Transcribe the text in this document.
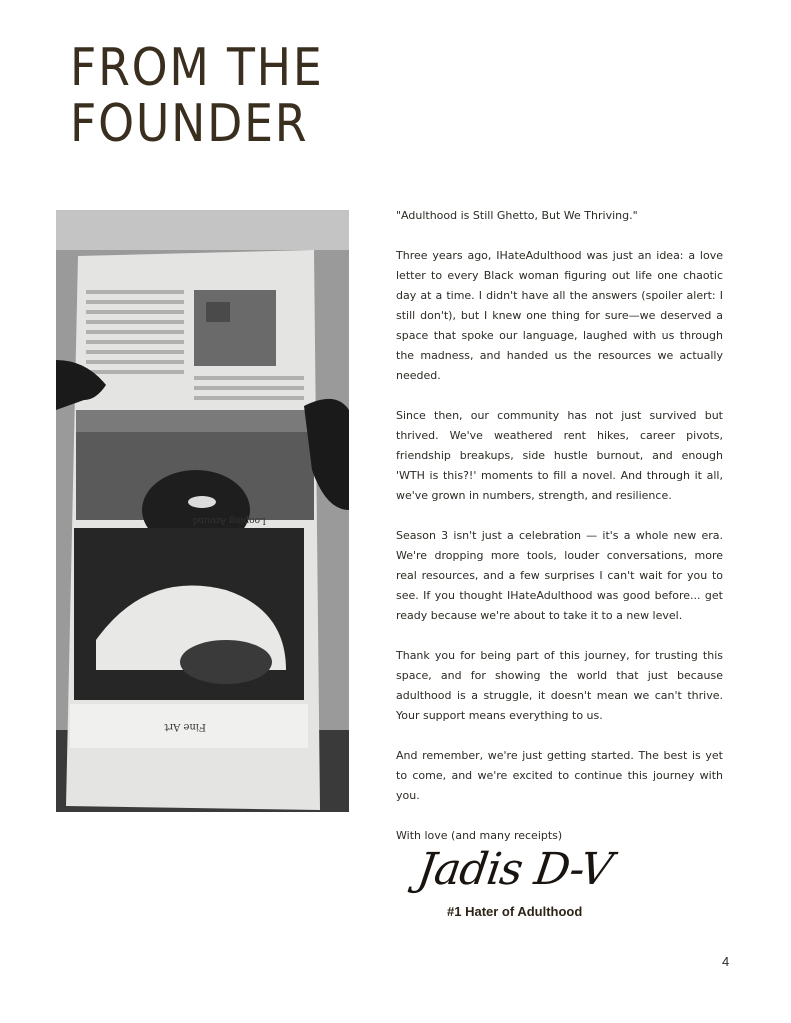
FROM THE
FOUNDER
Fine Art
Looping Around

"Adulthood is Still Ghetto, But We Thriving."

Three years ago, IHateAdulthood was just an idea: a love letter to every Black woman figuring out life one chaotic day at a time. I didn't have all the answers (spoiler alert: I still don't), but I knew one thing for sure—we deserved a space that spoke our language, laughed with us through the madness, and handed us the resources we actually needed.

Since then, our community has not just survived but thrived. We've weathered rent hikes, career pivots, friendship breakups, side hustle burnout, and enough 'WTH is this?!' moments to fill a novel. And through it all, we've grown in numbers, strength, and resilience.

Season 3 isn't just a celebration — it's a whole new era. We're dropping more tools, louder conversations, more real resources, and a few surprises I can't wait for you to see. If you thought IHateAdulthood was good before... get ready because we're about to take it to a new level.

Thank you for being part of this journey, for trusting this space, and for showing the world that just because adulthood is a struggle, it doesn't mean we can't thrive. Your support means everything to us.

And remember, we're just getting started. The best is yet to come, and we're excited to continue this journey with you.

With love (and many receipts)

Jadis D-V
#1 Hater of Adulthood
4
